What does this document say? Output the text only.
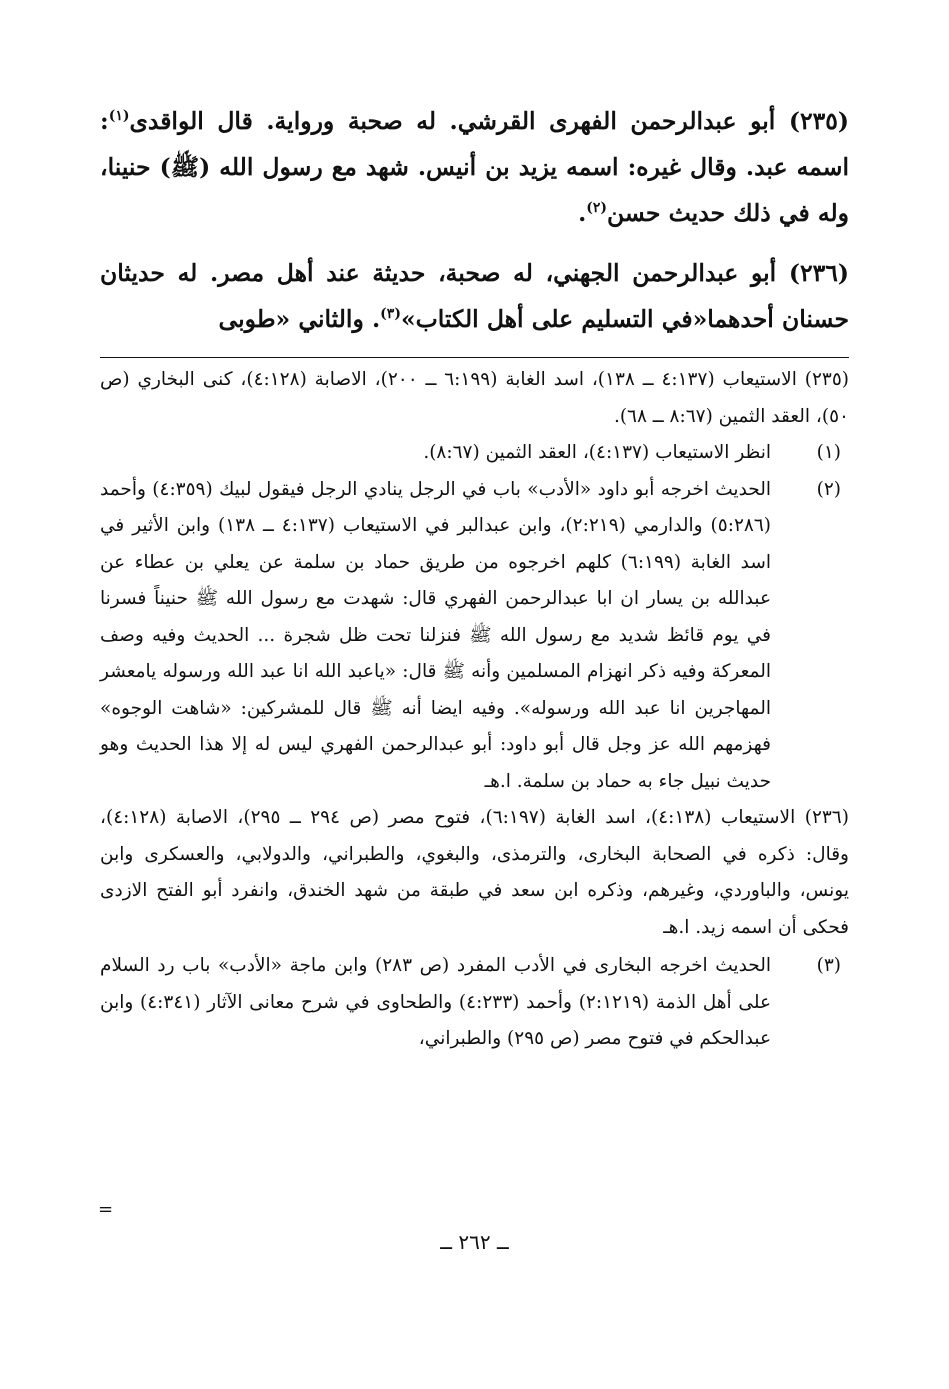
(٢٣٥) أبو عبدالرحمن الفهرى القرشي. له صحبة ورواية. قال الواقدى$^{(١)}$: اسمه عبد. وقال غيره: اسمه يزيد بن أنيس. شهد مع رسول الله (ﷺ) حنينا، وله في ذلك حديث حسن$^{(٢)}$.

(٢٣٦) أبو عبدالرحمن الجهني، له صحبة، حديثة عند أهل مصر. له حديثان حسنان أحدهما«في التسليم على أهل الكتاب»$^{(٣)}$. والثاني «طوبى

(٢٣٥) الاستيعاب (٤:١٣٧ ــ ١٣٨)، اسد الغابة (٦:١٩٩ ــ ٢٠٠)، الاصابة (٤:١٢٨)، كنى البخاري (ص ٥٠)، العقد الثمين (٨:٦٧ ــ ٦٨).
(١)
انظر الاستيعاب (٤:١٣٧)، العقد الثمين (٨:٦٧).
(٢)
الحديث اخرجه أبو داود «الأدب» باب في الرجل ينادي الرجل فيقول لبيك (٤:٣٥٩) وأحمد (٥:٢٨٦) والدارمي (٢:٢١٩)، وابن عبدالبر في الاستيعاب (٤:١٣٧ ــ ١٣٨) وابن الأثير في اسد الغابة (٦:١٩٩) كلهم اخرجوه من طريق حماد بن سلمة عن يعلي بن عطاء عن عبدالله بن يسار ان ابا عبدالرحمن الفهري قال: شهدت مع رسول الله ﷺ حنيناً فسرنا في يوم قائظ شديد مع رسول الله ﷺ فنزلنا تحت ظل شجرة ... الحديث وفيه وصف المعركة وفيه ذكر انهزام المسلمين وأنه ﷺ قال: «ياعبد الله انا عبد الله ورسوله يامعشر المهاجرين انا عبد الله ورسوله». وفيه ايضا أنه ﷺ قال للمشركين: «شاهت الوجوه» فهزمهم الله عز وجل قال أبو داود: أبو عبدالرحمن الفهري ليس له إلا هذا الحديث وهو حديث نبيل جاء به حماد بن سلمة. ا.هـ
(٢٣٦) الاستيعاب (٤:١٣٨)، اسد الغابة (٦:١٩٧)، فتوح مصر (ص ٢٩٤ ــ ٢٩٥)، الاصابة (٤:١٢٨)، وقال: ذكره في الصحابة البخارى، والترمذى، والبغوي، والطبراني، والدولابي، والعسكرى وابن يونس، والباوردي، وغيرهم، وذكره ابن سعد في طبقة من شهد الخندق، وانفرد أبو الفتح الازدى فحكى أن اسمه زيد. ا.هـ
(٣)
الحديث اخرجه البخارى في الأدب المفرد (ص ٢٨٣) وابن ماجة «الأدب» باب رد السلام على أهل الذمة (٢:١٢١٩) وأحمد (٤:٢٣٣) والطحاوى في شرح معانى الآثار (٤:٣٤١) وابن عبدالحكم في فتوح مصر (ص ٢٩٥) والطبراني،
=
ــ ٢٦٢ ــ
